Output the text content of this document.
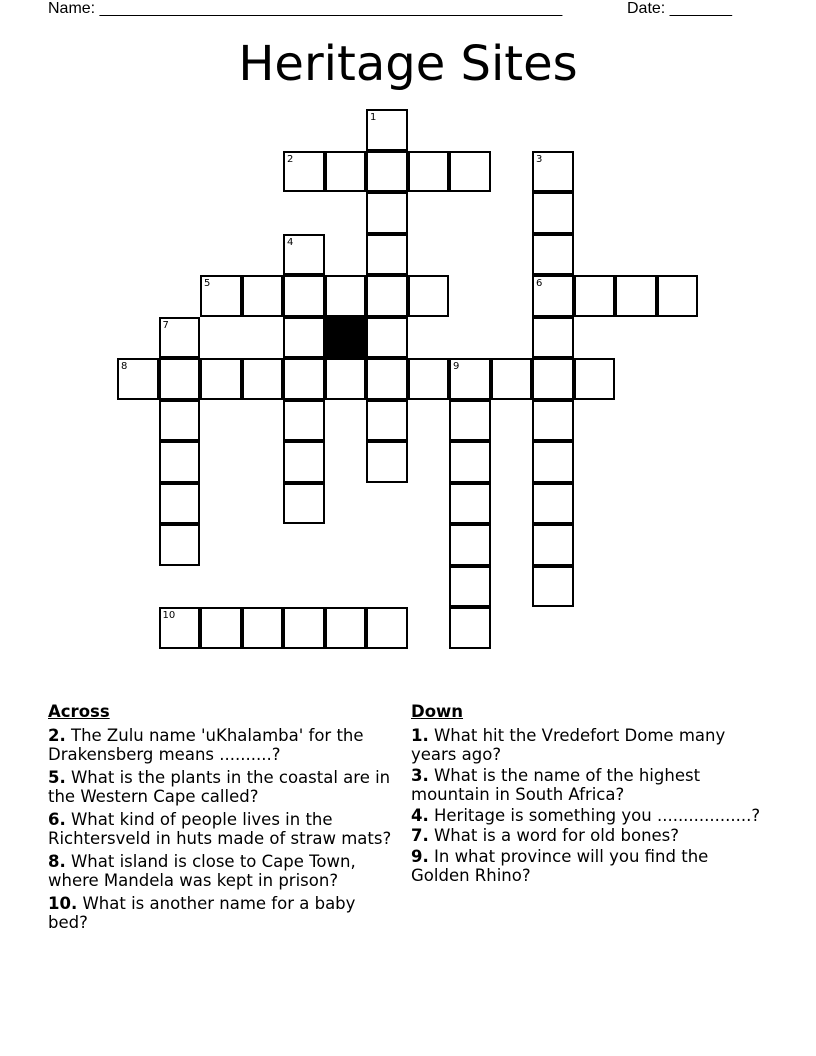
Name: ____________________________________________________	Date: _______
Heritage Sites
1
2	3
4
5	6
7
8	9
10
Across
2. The Zulu name 'uKhalamba' for the Drakensberg means ..........?
5. What is the plants in the coastal are in the Western Cape called?
6. What kind of people lives in the Richtersveld in huts made of straw mats?
8. What island is close to Cape Town, where Mandela was kept in prison?
10. What is another name for a baby bed?
Down
1. What hit the Vredefort Dome many years ago?
3. What is the name of the highest mountain in South Africa?
4. Heritage is something you ..................?
7. What is a word for old bones?
9. In what province will you find the Golden Rhino?
